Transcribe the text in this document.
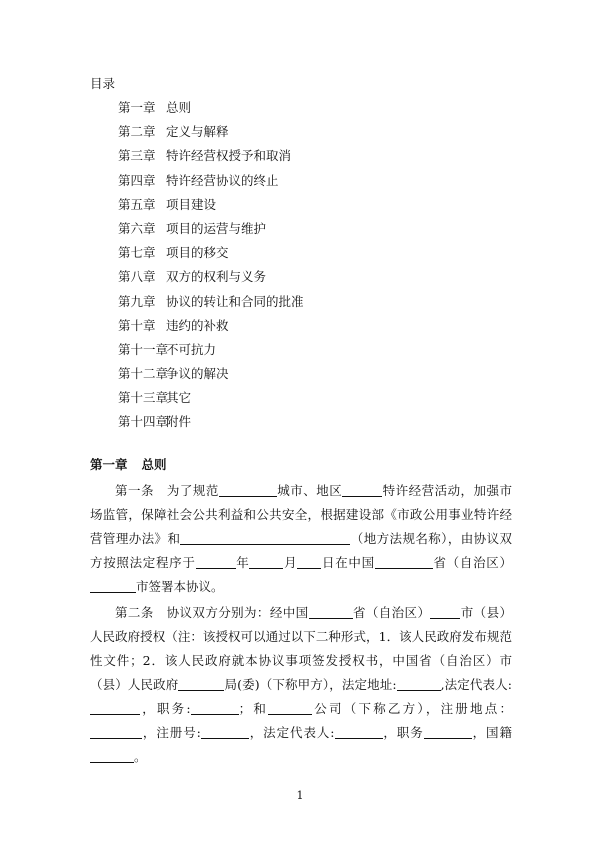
目录
第一章 总则
第二章 定义与解释
第三章 特许经营权授予和取消
第四章 特许经营协议的终止
第五章 项目建设
第六章 项目的运营与维护
第七章 项目的移交
第八章 双方的权利与义务
第九章 协议的转让和合同的批准
第十章 违约的补救
第十一章不可抗力
第十二章争议的解决
第十三章其它
第十四章附件
第一章 总则

第一条　为了规范	城市、地区	特许经营活动，加强市场监管，保障社会公共利益和公共安全，根据建设部《市政公用事业特许经营管理办法》和	（地方法规名称），由协议双方按照法定程序于	年	月 日在中国	省（自治区）市签署本协议。

第二条　协议双方分别为：经中国	省（自治区） 市（县）人民政府授权（注：该授权可以通过以下二种形式，1．该人民政府发布规范性文件；2．该人民政府就本协议事项签发授权书，中国省（自治区）市（县）人民政府	局(委)（下称甲方），法定地址:	,法定代表人:，职务:	；和	公司（下称乙方），注册地点：，注册号:	，法定代表人:	，职务	，国籍。

1
